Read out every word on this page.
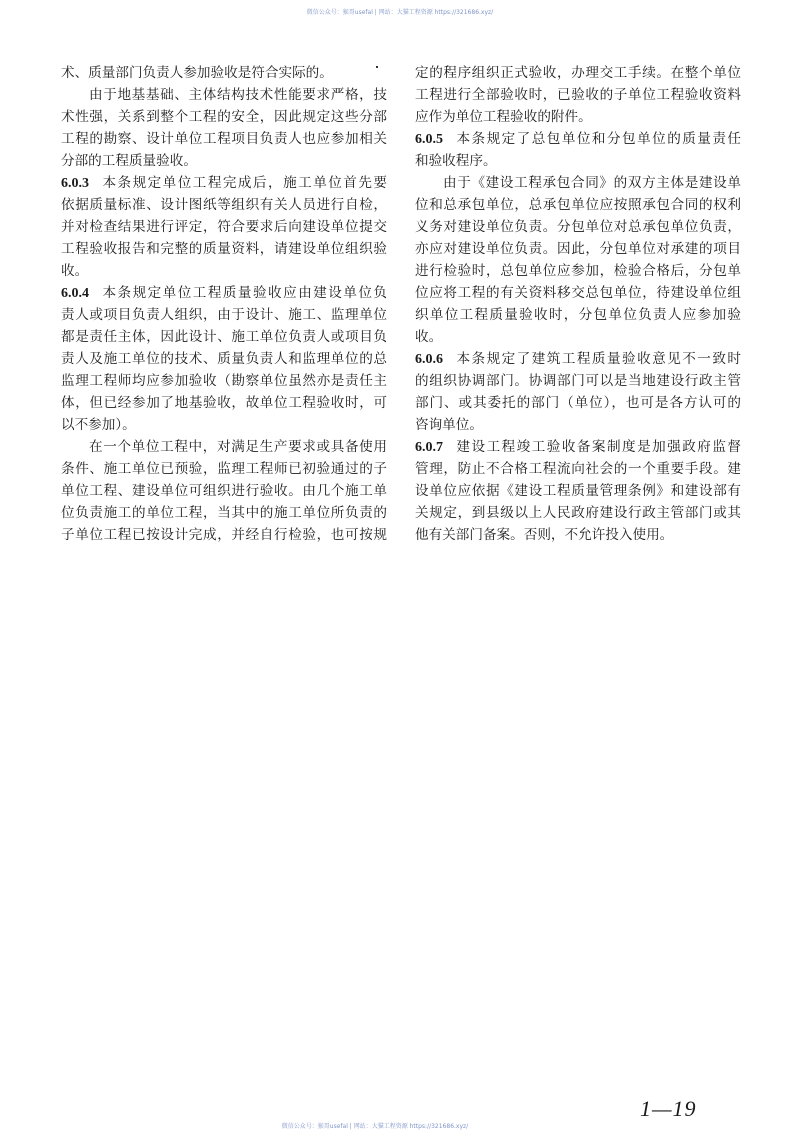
微信公众号：猴哥usefal | 网站：大猫工程资源 https://321686.xyz/
术、质量部门负责人参加验收是符合实际的。
由于地基基础、主体结构技术性能要求严格，技
术性强，关系到整个工程的安全，因此规定这些分部
工程的勘察、设计单位工程项目负责人也应参加相关
分部的工程质量验收。
6.0.3 本条规定单位工程完成后，施工单位首先要
依据质量标准、设计图纸等组织有关人员进行自检，
并对检查结果进行评定，符合要求后向建设单位提交
工程验收报告和完整的质量资料，请建设单位组织验
收。
6.0.4 本条规定单位工程质量验收应由建设单位负
责人或项目负责人组织，由于设计、施工、监理单位
都是责任主体，因此设计、施工单位负责人或项目负
责人及施工单位的技术、质量负责人和监理单位的总
监理工程师均应参加验收（勘察单位虽然亦是责任主
体，但已经参加了地基验收，故单位工程验收时，可
以不参加）。
在一个单位工程中，对满足生产要求或具备使用
条件、施工单位已预验，监理工程师已初验通过的子
单位工程、建设单位可组织进行验收。由几个施工单
位负责施工的单位工程，当其中的施工单位所负责的
子单位工程已按设计完成，并经自行检验，也可按规
定的程序组织正式验收，办理交工手续。在整个单位
工程进行全部验收时，已验收的子单位工程验收资料
应作为单位工程验收的附件。
6.0.5 本条规定了总包单位和分包单位的质量责任
和验收程序。
由于《建设工程承包合同》的双方主体是建设单
位和总承包单位，总承包单位应按照承包合同的权利
义务对建设单位负责。分包单位对总承包单位负责，
亦应对建设单位负责。因此，分包单位对承建的项目
进行检验时，总包单位应参加，检验合格后，分包单
位应将工程的有关资料移交总包单位，待建设单位组
织单位工程质量验收时，分包单位负责人应参加验
收。
6.0.6 本条规定了建筑工程质量验收意见不一致时
的组织协调部门。协调部门可以是当地建设行政主管
部门、或其委托的部门（单位），也可是各方认可的
咨询单位。
6.0.7 建设工程竣工验收备案制度是加强政府监督
管理，防止不合格工程流向社会的一个重要手段。建
设单位应依据《建设工程质量管理条例》和建设部有
关规定，到县级以上人民政府建设行政主管部门或其
他有关部门备案。否则，不允许投入使用。
微信公众号：猴哥usefal | 网站：大猫工程资源 https://321686.xyz/
1—19
